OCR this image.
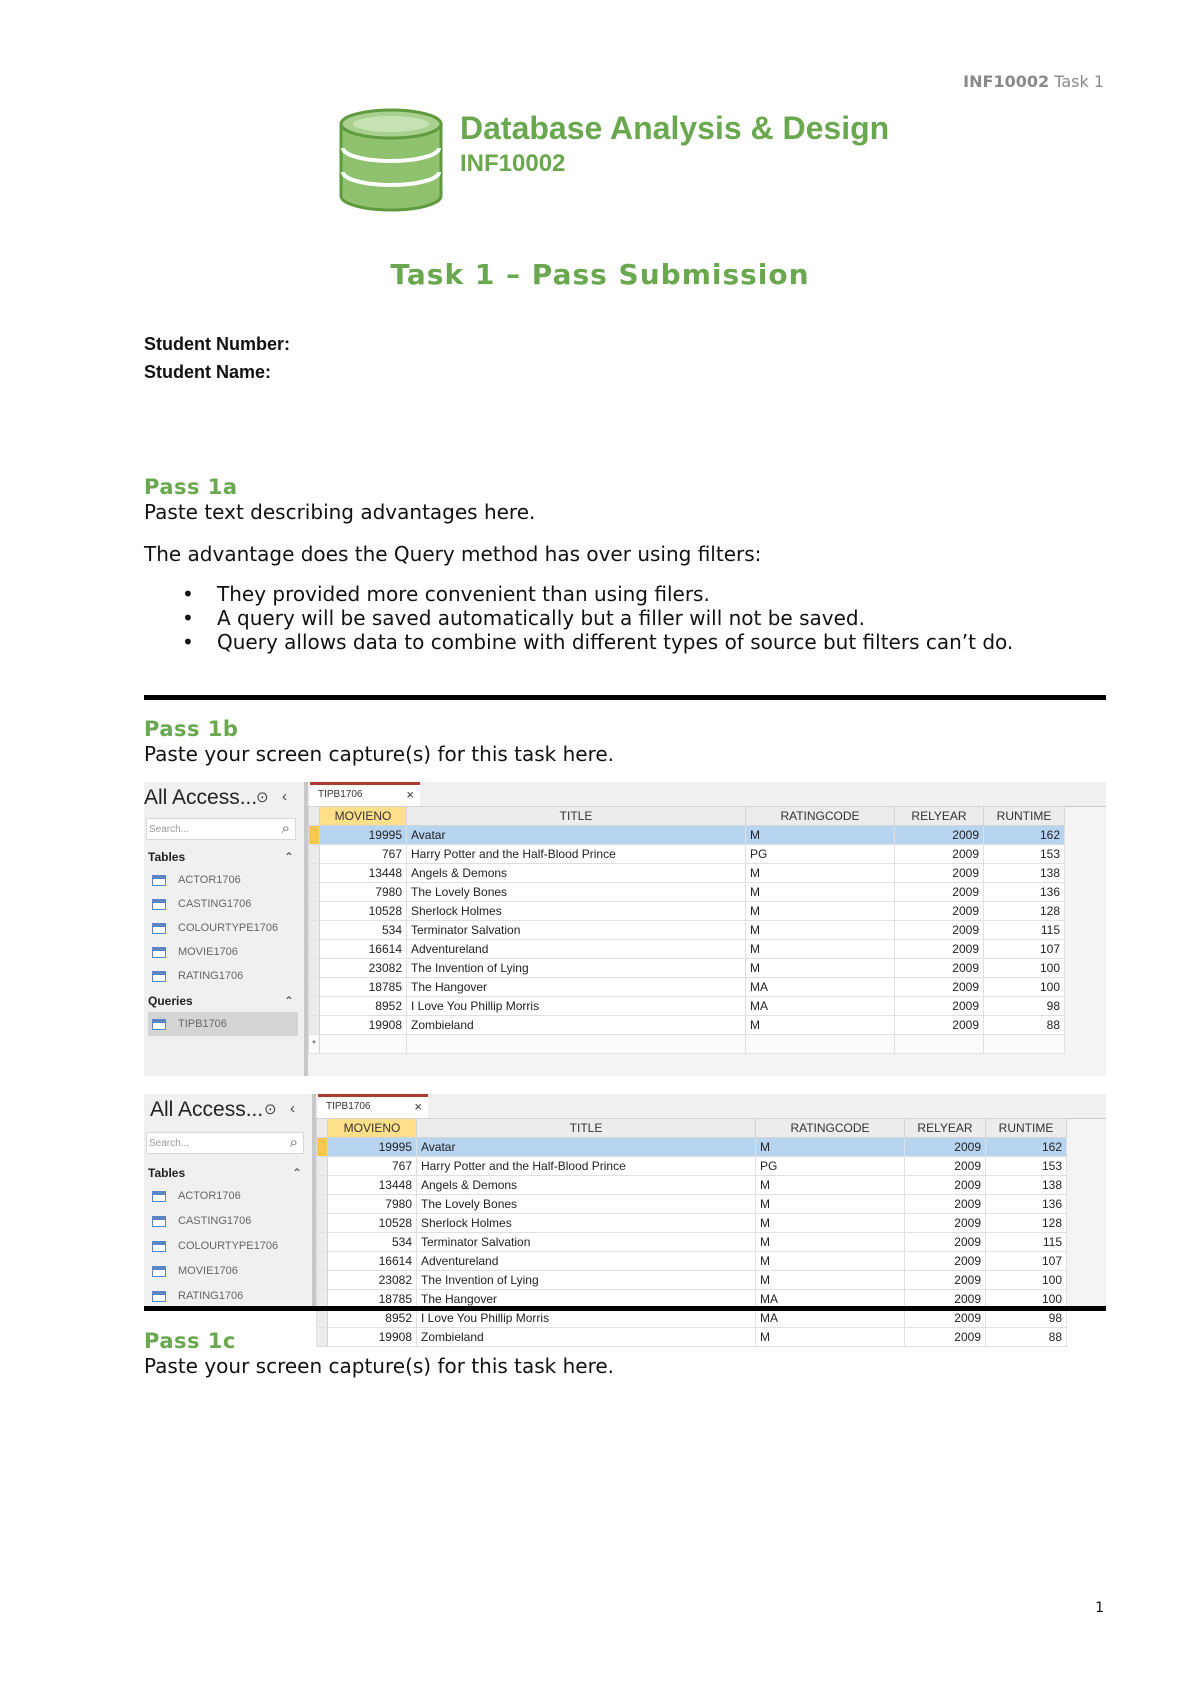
INF10002 Task 1
Database Analysis & Design
INF10002
Task 1 – Pass Submission
Student Number:
Student Name:
Pass 1a
Paste text describing advantages here.
The advantage does the Query method has over using filters:
• They provided more convenient than using filers.
• A query will be saved automatically but a filler will not be saved.
• Query allows data to combine with different types of source but filters can’t do.
Pass 1b
Paste your screen capture(s) for this task here.
All Access...
⊙ ‹
Search...	⌕
Tables	⌃
ACTOR1706
CASTING1706
COLOURTYPE1706
MOVIE1706
RATING1706
Queries	⌃
TIPB1706
TIPB1706	×
	MOVIENO	TITLE	RATINGCODE	RELYEAR	RUNTIME
	19995	Avatar	M	2009	162
	767	Harry Potter and the Half-Blood Prince	PG	2009	153
	13448	Angels & Demons	M	2009	138
	7980	The Lovely Bones	M	2009	136
	10528	Sherlock Holmes	M	2009	128
	534	Terminator Salvation	M	2009	115
	16614	Adventureland	M	2009	107
	23082	The Invention of Lying	M	2009	100
	18785	The Hangover	MA	2009	100
	8952	I Love You Phillip Morris	MA	2009	98
	19908	Zombieland	M	2009	88
*					
All Access... ⊙ ‹
Search...	⌕
Tables	⌃
ACTOR1706
CASTING1706
COLOURTYPE1706
MOVIE1706
RATING1706
TIPB1706	×
	MOVIENO	TITLE	RATINGCODE	RELYEAR	RUNTIME
	19995	Avatar	M	2009	162
	767	Harry Potter and the Half-Blood Prince	PG	2009	153
	13448	Angels & Demons	M	2009	138
	7980	The Lovely Bones	M	2009	136
	10528	Sherlock Holmes	M	2009	128
	534	Terminator Salvation	M	2009	115
	16614	Adventureland	M	2009	107
	23082	The Invention of Lying	M	2009	100
	18785	The Hangover	MA	2009	100
	8952	I Love You Phillip Morris	MA	2009	98
	19908	Zombieland	M	2009	88
Pass 1c
Paste your screen capture(s) for this task here.
1
